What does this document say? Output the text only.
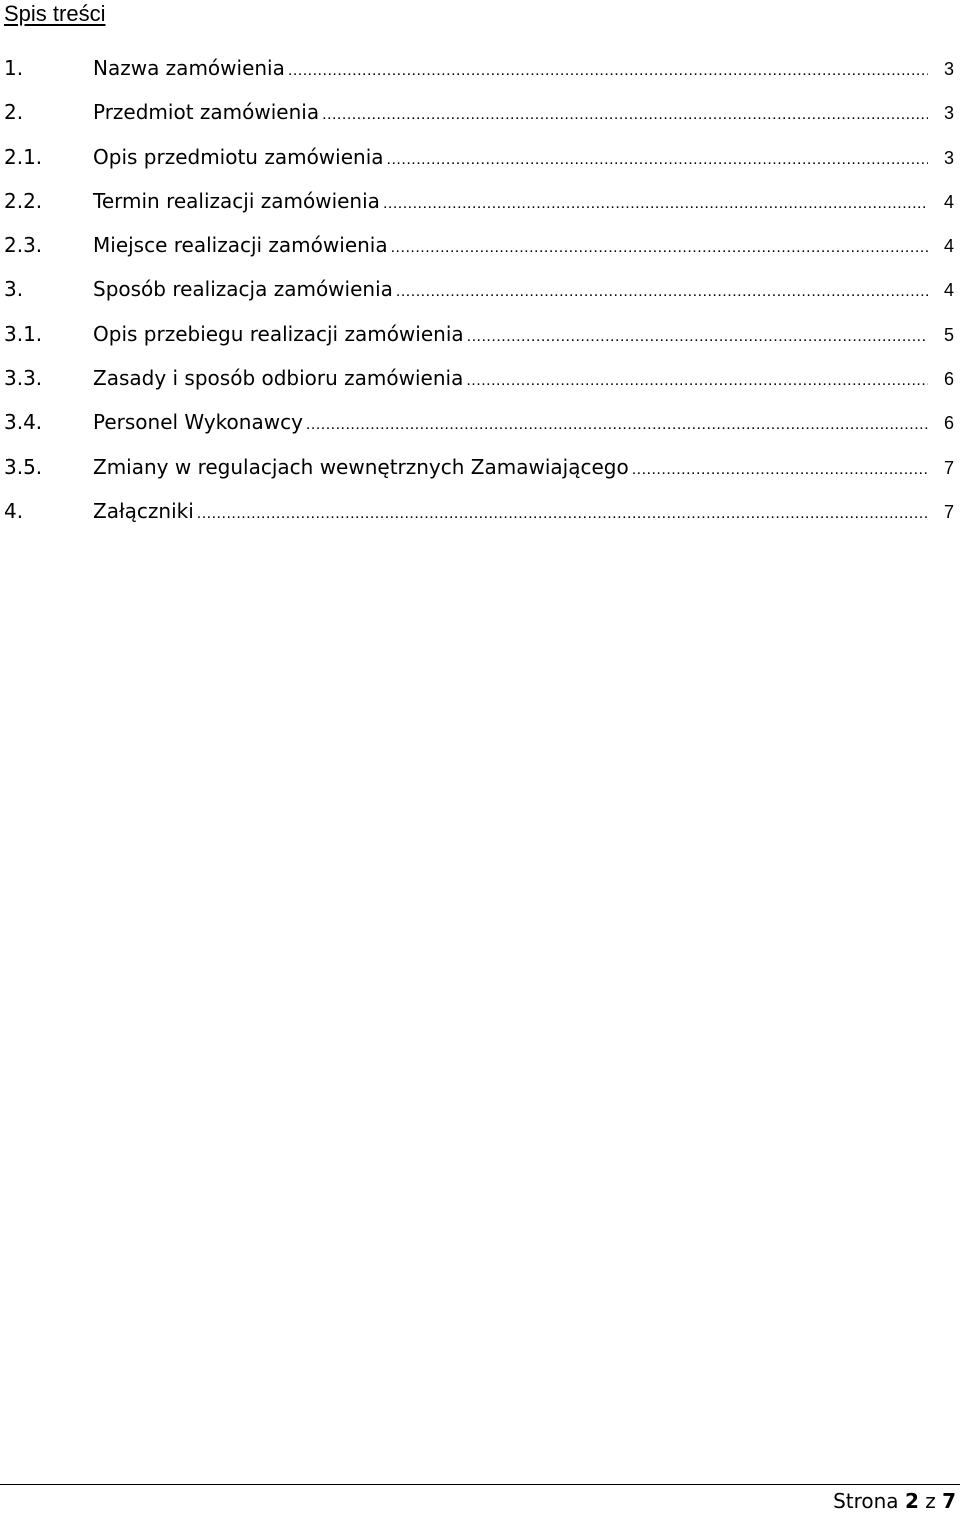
Spis treści
1.	Nazwa zamówienia .....	3
2.	Przedmiot zamówienia .....	3
2.1.	Opis przedmiotu zamówienia .....	3
2.2.	Termin realizacji zamówienia .....	4
2.3.	Miejsce realizacji zamówienia .....	4
3.	Sposób realizacja zamówienia .....	4
3.1.	Opis przebiegu realizacji zamówienia .....	5
3.3.	Zasady i sposób odbioru zamówienia .....	6
3.4.	Personel Wykonawcy .....	6
3.5.	Zmiany w regulacjach wewnętrznych Zamawiającego .....	7
4.	Załączniki .....	7
Strona 2 z 7
